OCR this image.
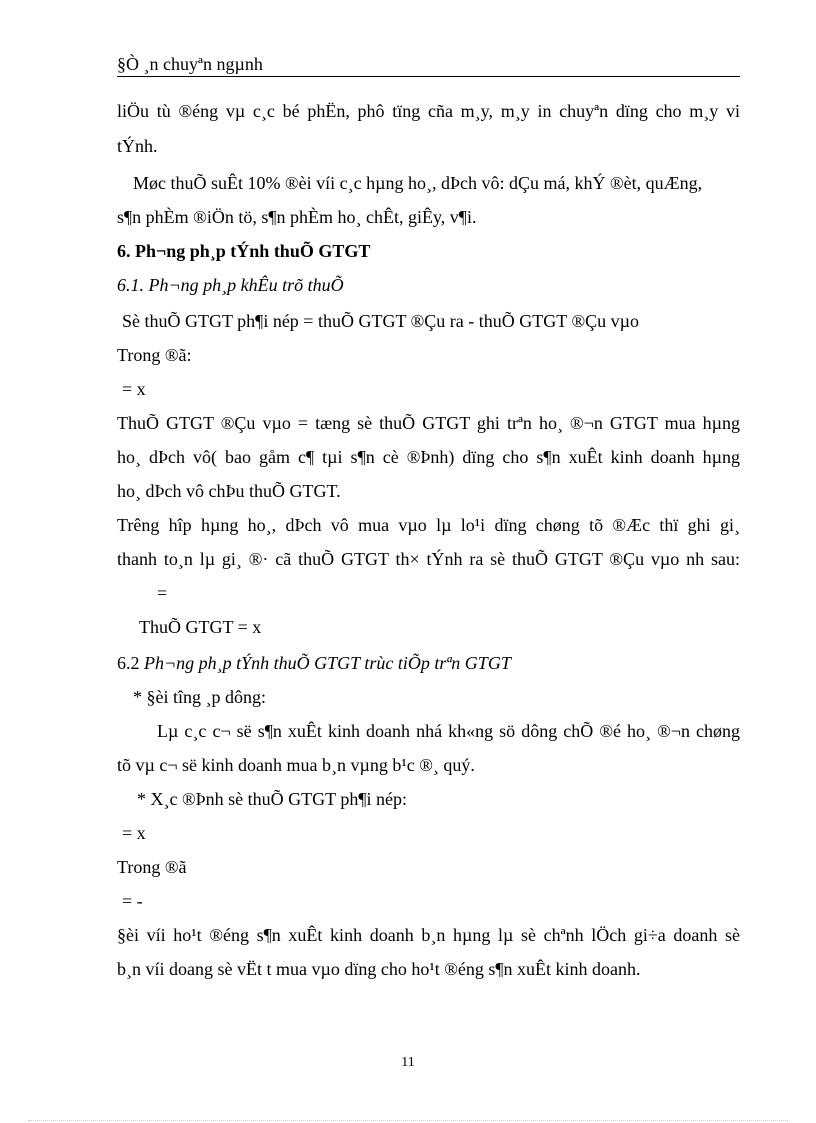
§Ò ¸n chuyªn ngµnh

liÖu tù ®éng vµ c¸c bé phËn, phô tïng cña m¸y, m¸y in chuyªn dïng cho m¸y vi

tÝnh.

Møc thuÕ suÊt 10% ®èi víi c¸c hµng ho¸, dÞch vô: dÇu má, khÝ ®èt, quÆng,

s¶n phÈm ®iÖn tö, s¶n phÈm ho¸ chÊt, giÊy, v¶i.

6. Ph¬ng ph¸p tÝnh thuÕ GTGT

6.1. Ph¬ng ph¸p khÊu trõ thuÕ

Sè thuÕ GTGT ph¶i nép = thuÕ GTGT ®Çu ra - thuÕ GTGT ®Çu vµo

Trong ®ã:

= x

ThuÕ GTGT ®Çu vµo = tæng sè thuÕ GTGT ghi trªn ho¸ ®¬n GTGT mua hµng

ho¸ dÞch vô( bao gåm c¶ tµi s¶n cè ®Þnh) dïng cho s¶n xuÊt kinh doanh hµng

ho¸ dÞch vô chÞu thuÕ GTGT.

Trêng hîp hµng ho¸, dÞch vô mua vµo lµ lo¹i dïng chøng tõ ®Æc thï ghi gi¸

thanh to¸n lµ gi¸ ®· cã thuÕ GTGT th× tÝnh ra sè thuÕ GTGT ®Çu vµo nh sau:

=

ThuÕ GTGT = x

6.2 Ph¬ng ph¸p tÝnh thuÕ GTGT trùc tiÕp trªn GTGT

* §èi tîng ¸p dông:

Lµ c¸c c¬ së s¶n xuÊt kinh doanh nhá kh«ng sö dông chÕ ®é ho¸ ®¬n chøng

tõ vµ c¬ së kinh doanh mua b¸n vµng b¹c ®¸ quý.

* X¸c ®Þnh sè thuÕ GTGT ph¶i nép:

= x

Trong ®ã

= -

§èi víi ho¹t ®éng s¶n xuÊt kinh doanh b¸n hµng lµ sè chªnh lÖch gi÷a doanh sè

b¸n víi doang sè vËt t mua vµo dïng cho ho¹t ®éng s¶n xuÊt kinh doanh.

11
